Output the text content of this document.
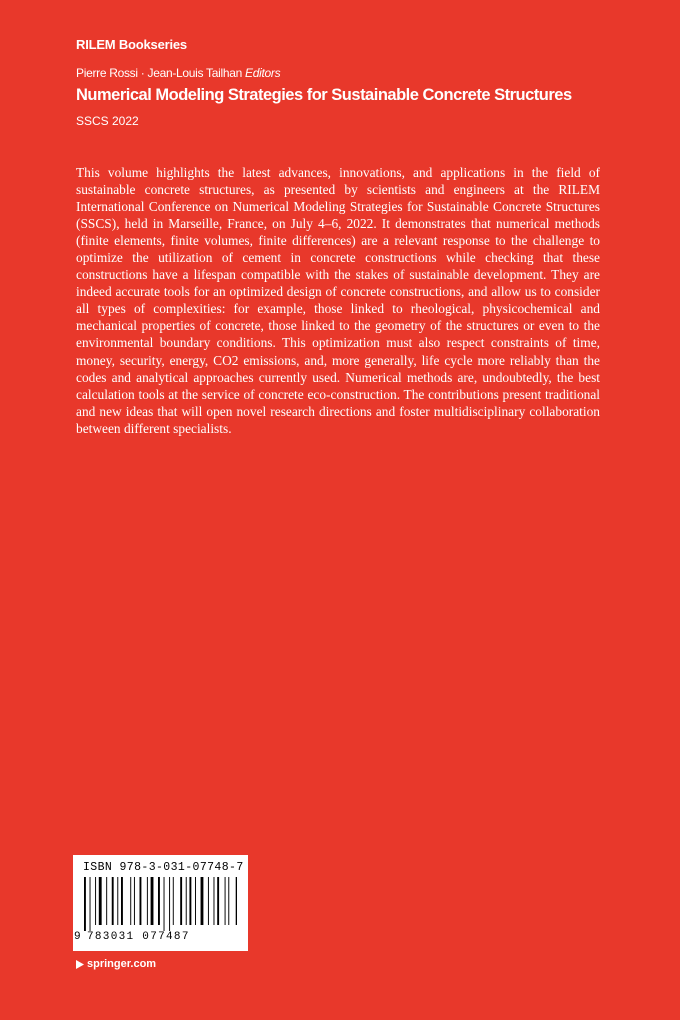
RILEM Bookseries
Pierre Rossi · Jean-Louis Tailhan Editors
Numerical Modeling Strategies for Sustainable Concrete Structures
SSCS 2022

This volume highlights the latest advances, innovations, and applications in the field of sustainable concrete structures, as presented by scientists and engineers at the RILEM International Conference on Numerical Modeling Strategies for Sustainable Concrete Structures (SSCS), held in Marseille, France, on July 4–6, 2022. It demonstrates that numerical methods (finite elements, finite volumes, finite differences) are a relevant response to the challenge to optimize the utilization of cement in concrete constructions while checking that these constructions have a lifespan compatible with the stakes of sustainable development. They are indeed accurate tools for an optimized design of concrete constructions, and allow us to consider all types of complexities: for example, those linked to rheological, physicochemical and mechanical properties of concrete, those linked to the geometry of the structures or even to the environmental boundary conditions. This optimization must also respect constraints of time, money, security, energy, CO2 emissions, and, more generally, life cycle more reliably than the codes and analytical approaches currently used. Numerical methods are, undoubtedly, the best calculation tools at the service of concrete eco-construction. The contributions present traditional and new ideas that will open novel research directions and foster multidisciplinary collaboration between different specialists.

ISBN 978-3-031-07748-7
9 783031 077487
springer.com
